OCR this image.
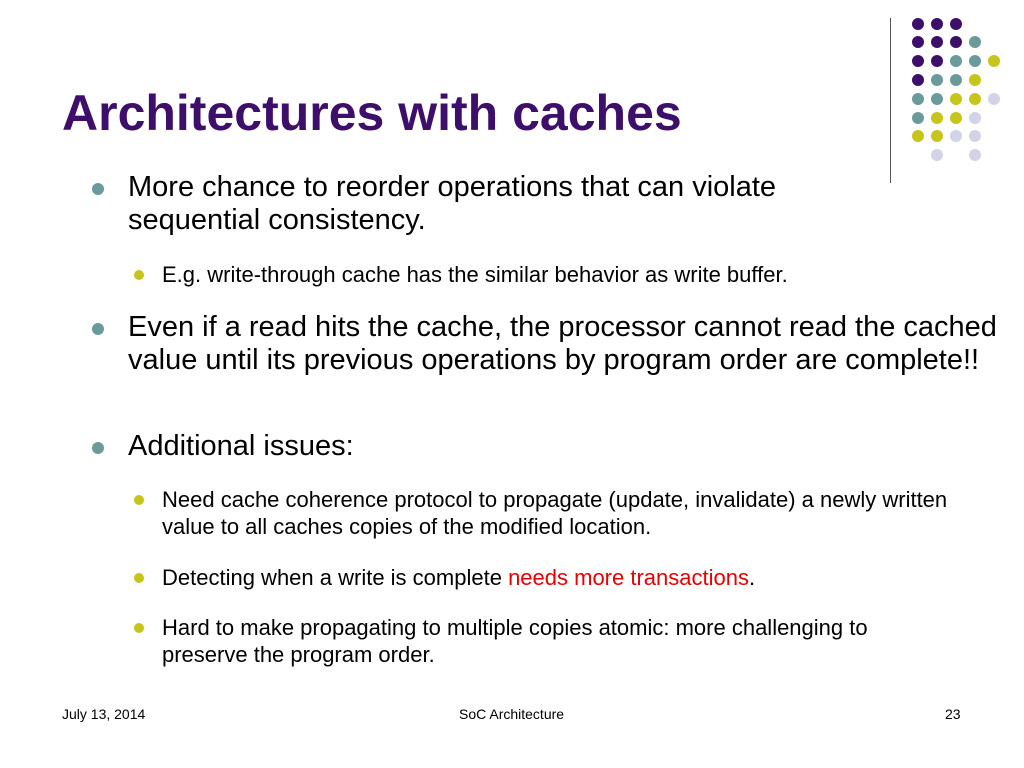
Architectures with caches
More chance to reorder operations that can violate sequential consistency.
E.g. write-through cache has the similar behavior as write buffer.
Even if a read hits the cache, the processor cannot read the cached value until its previous operations by program order are complete!!
Additional issues:
Need cache coherence protocol to propagate (update, invalidate) a newly written value to all caches copies of the modified location.
Detecting when a write is complete needs more transactions.
Hard to make propagating to multiple copies atomic: more challenging to preserve the program order.
July 13, 2014	SoC Architecture	23
